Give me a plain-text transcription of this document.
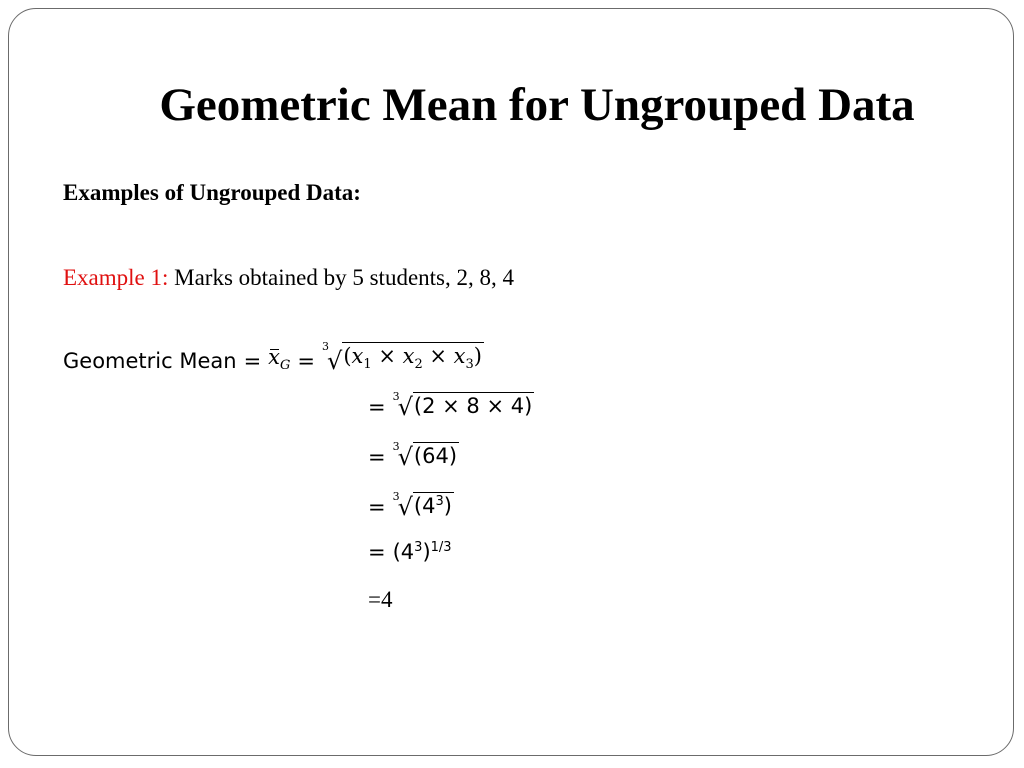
Geometric Mean for Ungrouped Data
Examples of Ungrouped Data:
Example 1: Marks obtained by 5 students, 2, 8, 4
Geometric Mean = $x_G$ =
3
√ $(x_1 \times x_2 \times x_3)$
= 3
√ (2 × 8 × 4)
= 3
√ (64)
= 3
√ $(4^3)$
= $(4^3)^{1/3}$
=4
